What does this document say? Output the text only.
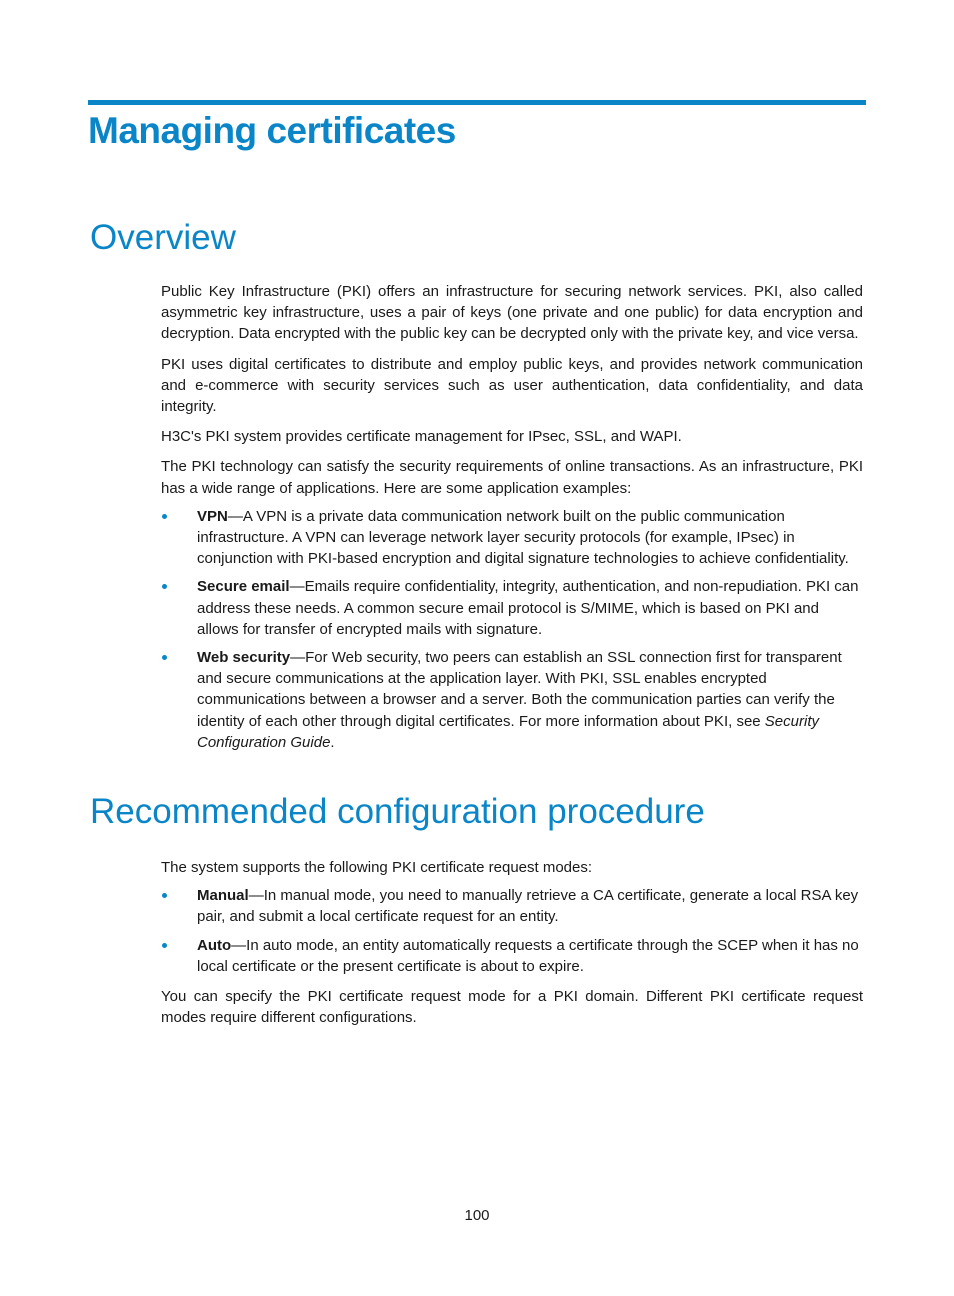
Managing certificates
Overview

Public Key Infrastructure (PKI) offers an infrastructure for securing network services. PKI, also called asymmetric key infrastructure, uses a pair of keys (one private and one public) for data encryption and decryption. Data encrypted with the public key can be decrypted only with the private key, and vice versa.

PKI uses digital certificates to distribute and employ public keys, and provides network communication and e-commerce with security services such as user authentication, data confidentiality, and data integrity.

H3C's PKI system provides certificate management for IPsec, SSL, and WAPI.

The PKI technology can satisfy the security requirements of online transactions. As an infrastructure, PKI has a wide range of applications. Here are some application examples:

VPN—A VPN is a private data communication network built on the public communication infrastructure. A VPN can leverage network layer security protocols (for example, IPsec) in conjunction with PKI-based encryption and digital signature technologies to achieve confidentiality.
Secure email—Emails require confidentiality, integrity, authentication, and non-repudiation. PKI can address these needs. A common secure email protocol is S/MIME, which is based on PKI and allows for transfer of encrypted mails with signature.
Web security—For Web security, two peers can establish an SSL connection first for transparent and secure communications at the application layer. With PKI, SSL enables encrypted communications between a browser and a server. Both the communication parties can verify the identity of each other through digital certificates. For more information about PKI, see Security Configuration Guide.
Recommended configuration procedure

The system supports the following PKI certificate request modes:

Manual—In manual mode, you need to manually retrieve a CA certificate, generate a local RSA key pair, and submit a local certificate request for an entity.
Auto—In auto mode, an entity automatically requests a certificate through the SCEP when it has no local certificate or the present certificate is about to expire.

You can specify the PKI certificate request mode for a PKI domain. Different PKI certificate request modes require different configurations.

100
